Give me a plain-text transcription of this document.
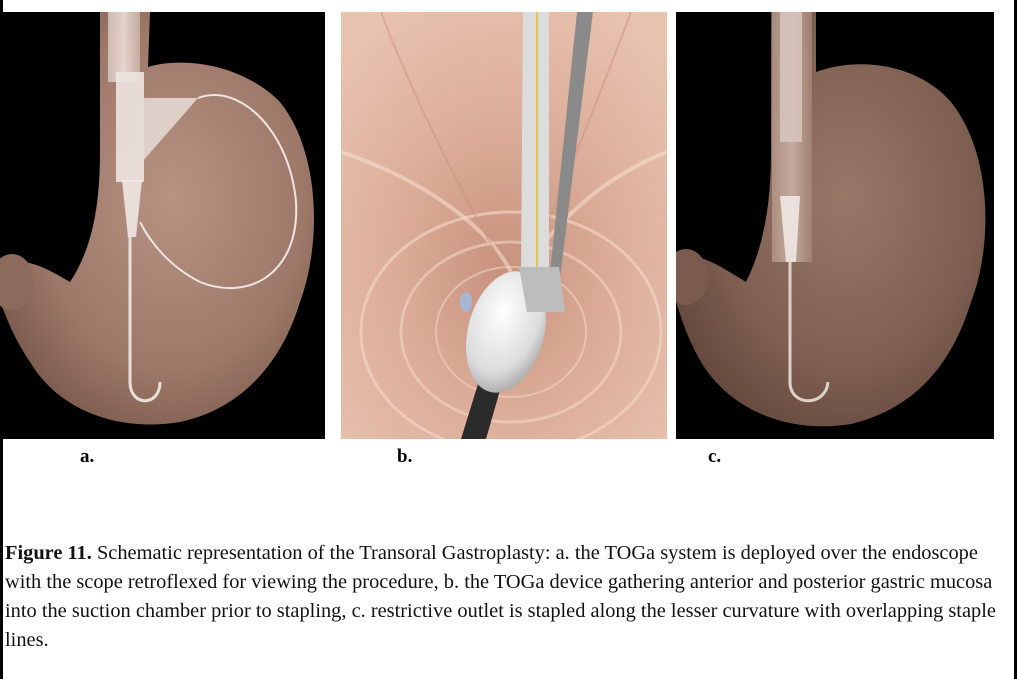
a.	b.	c.
Figure 11. Schematic representation of the Transoral Gastroplasty: a. the TOGa system is deployed over the endoscope with the scope retroflexed for viewing the procedure, b. the TOGa device gathering anterior and posterior gastric mucosa into the suction chamber prior to stapling, c. restrictive outlet is stapled along the lesser curvature with overlapping staple lines.
